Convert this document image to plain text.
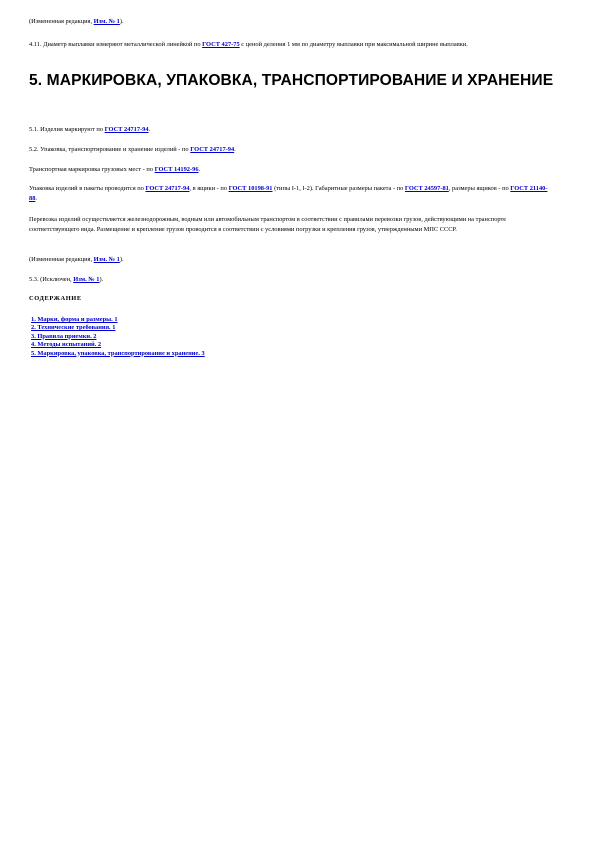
(Измененная редакция, Изм. № 1).

4.11. Диаметр выплавки измеряют металлической линейкой по ГОСТ 427-75 с ценой деления 1 мм по диаметру выплавки при максимальной ширине выплавки.

5. МАРКИРОВКА, УПАКОВКА, ТРАНСПОРТИРОВАНИЕ И ХРАНЕНИЕ

5.1. Изделия маркируют по ГОСТ 24717-94.

5.2. Упаковка, транспортирование и хранение изделий - по ГОСТ 24717-94.

Транспортная маркировка грузовых мест - по ГОСТ 14192-96.

Упаковка изделий в пакеты проводится по ГОСТ 24717-94, в ящики - по ГОСТ 10198-91 (типы I-1, I-2). Габаритные размеры пакета - по ГОСТ 24597-81, размеры ящиков - по ГОСТ 21140-88.

Перевозка изделий осуществляется железнодорожным, водным или автомобильным транспортом в соответствии с правилами перевозки грузов, действующими на транспорте соответствующего вида. Размещение и крепление грузов проводится в соответствии с условиями погрузки и крепления грузов, утвержденными МПС СССР.

(Измененная редакция, Изм. № 1).

5.3. (Исключен, Изм. № 1).

СОДЕРЖАНИЕ

1. Марки, форма и размеры. 1
2. Технические требования. 1
3. Правила приемки. 2
4. Методы испытаний. 2
5. Маркировка, упаковка, транспортирование и хранение. 3
